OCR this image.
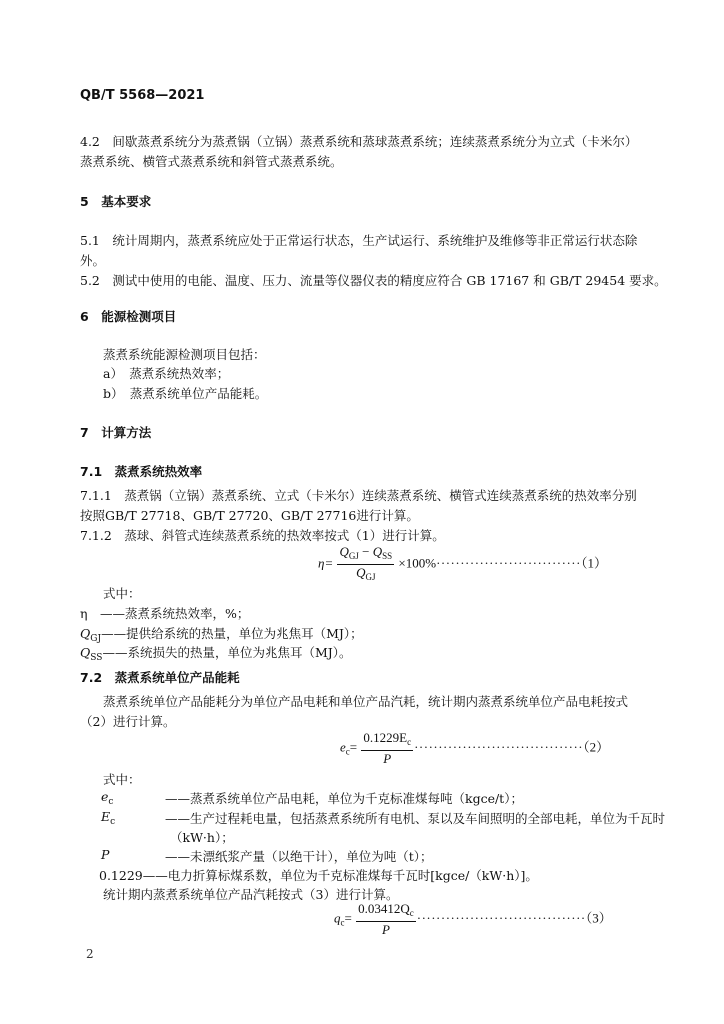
QB/T 5568—2021
4.2　间歇蒸煮系统分为蒸煮锅（立锅）蒸煮系统和蒸球蒸煮系统；连续蒸煮系统分为立式（卡米尔）
蒸煮系统、横管式蒸煮系统和斜管式蒸煮系统。
5　基本要求
5.1　统计周期内，蒸煮系统应处于正常运行状态，生产试运行、系统维护及维修等非正常运行状态除
外。
5.2　测试中使用的电能、温度、压力、流量等仪器仪表的精度应符合 GB 17167 和 GB/T 29454 要求。
6　能源检测项目
蒸煮系统能源检测项目包括：
a）　蒸煮系统热效率；
b）　蒸煮系统单位产品能耗。
7　计算方法
7.1　蒸煮系统热效率
7.1.1　蒸煮锅（立锅）蒸煮系统、立式（卡米尔）连续蒸煮系统、横管式连续蒸煮系统的热效率分别
按照GB/T 27718、GB/T 27720、GB/T 27716进行计算。
7.1.2　蒸球、斜管式连续蒸煮系统的热效率按式（1）进行计算。
$\eta= \frac{Q_{GJ} - Q_{SS}}{Q_{GJ}} \times 100\%\cdot\cdot\cdot\cdot\cdot\cdot\cdot\cdot\cdot\cdot\cdot\cdot\cdot\cdot\cdot\cdot\cdot\cdot\cdot\cdot\cdot\cdot\cdot\cdot\cdot\cdot\cdot\cdot\cdot\cdot(1)$
式中：
η　——蒸煮系统热效率，%；
$Q_{GJ}——$提供给系统的热量，单位为兆焦耳（MJ）；
$Q_{SS}——$系统损失的热量，单位为兆焦耳（MJ）。
7.2　蒸煮系统单位产品能耗
蒸煮系统单位产品能耗分为单位产品电耗和单位产品汽耗，统计期内蒸煮系统单位产品电耗按式
（2）进行计算。
$e_c= \frac{0.1229E_c}{P} \cdot\cdot\cdot\cdot\cdot\cdot\cdot\cdot\cdot\cdot\cdot\cdot\cdot\cdot\cdot\cdot\cdot\cdot\cdot\cdot\cdot\cdot\cdot\cdot\cdot\cdot\cdot\cdot\cdot\cdot\cdot\cdot\cdot\cdot\cdot(2)$
式中：
$e_c$	——蒸煮系统单位产品电耗，单位为千克标准煤每吨（kgce/t）；
$E_c$	——生产过程耗电量，包括蒸煮系统所有电机、泵以及车间照明的全部电耗，单位为千瓦时
（kW·h）；
P	——未漂纸浆产量（以绝干计），单位为吨（t）；
0.1229——电力折算标煤系数，单位为千克标准煤每千瓦时[kgce/（kW·h）]。
统计期内蒸煮系统单位产品汽耗按式（3）进行计算。
$q_c= \frac{0.03412Q_c}{P} \cdot\cdot\cdot\cdot\cdot\cdot\cdot\cdot\cdot\cdot\cdot\cdot\cdot\cdot\cdot\cdot\cdot\cdot\cdot\cdot\cdot\cdot\cdot\cdot\cdot\cdot\cdot\cdot\cdot\cdot\cdot\cdot\cdot\cdot\cdot(3)$
2
